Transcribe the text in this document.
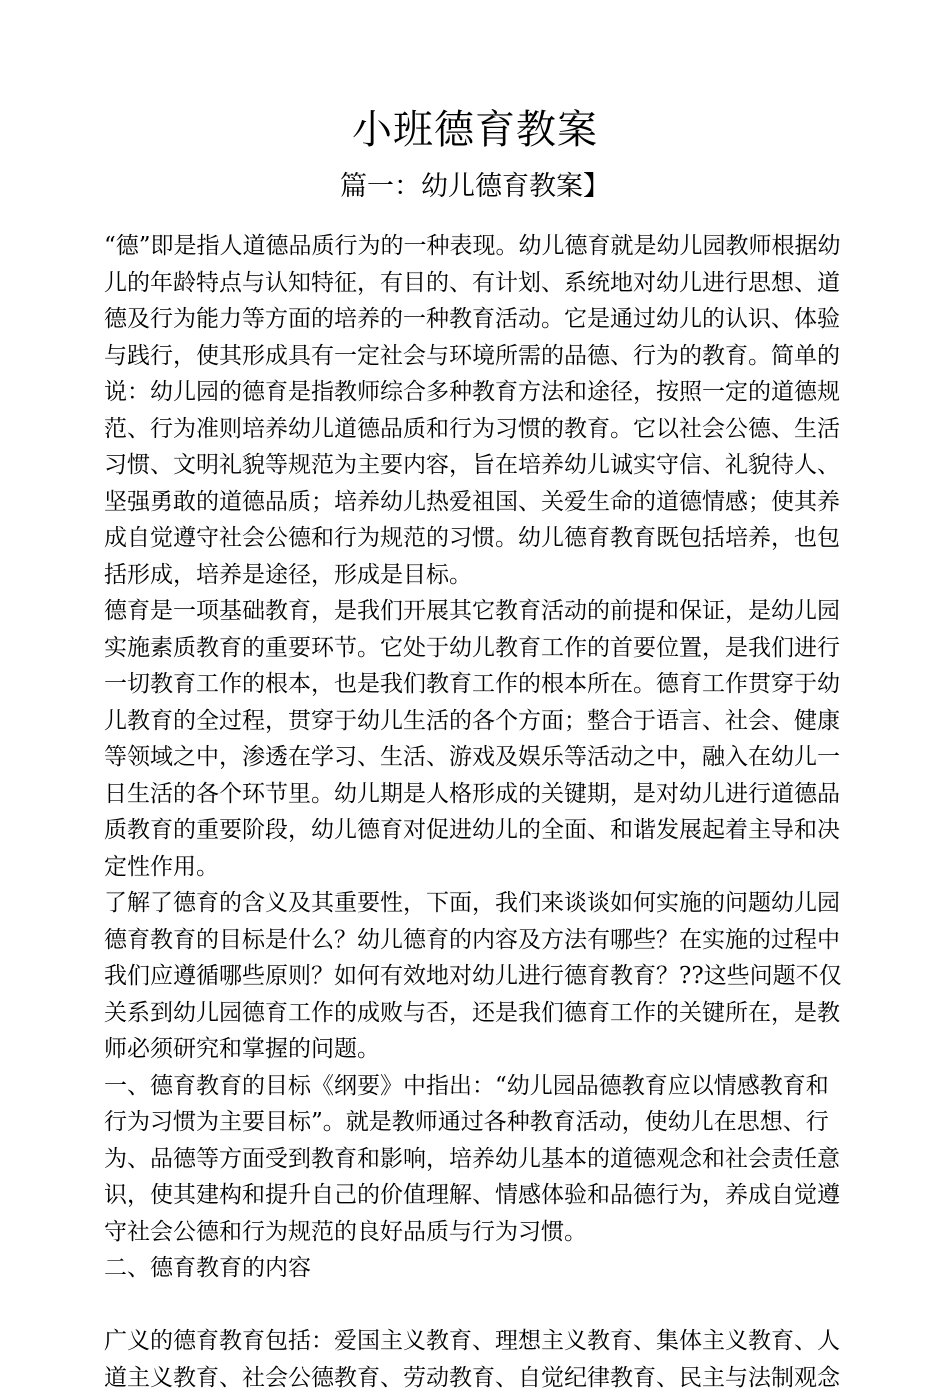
小班德育教案
篇一：幼儿德育教案】
“德”即是指人道德品质行为的一种表现。幼儿德育就是幼儿园教师根据幼
儿的年龄特点与认知特征，有目的、有计划、系统地对幼儿进行思想、道
德及行为能力等方面的培养的一种教育活动。它是通过幼儿的认识、体验
与践行，使其形成具有一定社会与环境所需的品德、行为的教育。简单的
说：幼儿园的德育是指教师综合多种教育方法和途径，按照一定的道德规
范、行为准则培养幼儿道德品质和行为习惯的教育。它以社会公德、生活
习惯、文明礼貌等规范为主要内容，旨在培养幼儿诚实守信、礼貌待人、
坚强勇敢的道德品质；培养幼儿热爱祖国、关爱生命的道德情感；使其养
成自觉遵守社会公德和行为规范的习惯。幼儿德育教育既包括培养，也包
括形成，培养是途径，形成是目标。
德育是一项基础教育，是我们开展其它教育活动的前提和保证，是幼儿园
实施素质教育的重要环节。它处于幼儿教育工作的首要位置，是我们进行
一切教育工作的根本，也是我们教育工作的根本所在。德育工作贯穿于幼
儿教育的全过程，贯穿于幼儿生活的各个方面；整合于语言、社会、健康
等领域之中，渗透在学习、生活、游戏及娱乐等活动之中，融入在幼儿一
日生活的各个环节里。幼儿期是人格形成的关键期，是对幼儿进行道德品
质教育的重要阶段，幼儿德育对促进幼儿的全面、和谐发展起着主导和决
定性作用。
了解了德育的含义及其重要性，下面，我们来谈谈如何实施的问题幼儿园
德育教育的目标是什么？幼儿德育的内容及方法有哪些？在实施的过程中
我们应遵循哪些原则？如何有效地对幼儿进行德育教育？??这些问题不仅
关系到幼儿园德育工作的成败与否，还是我们德育工作的关键所在，是教
师必须研究和掌握的问题。
一、德育教育的目标《纲要》中指出：“幼儿园品德教育应以情感教育和
行为习惯为主要目标”。就是教师通过各种教育活动，使幼儿在思想、行
为、品德等方面受到教育和影响，培养幼儿基本的道德观念和社会责任意
识，使其建构和提升自己的价值理解、情感体验和品德行为，养成自觉遵
守社会公德和行为规范的良好品质与行为习惯。
二、德育教育的内容
广义的德育教育包括：爱国主义教育、理想主义教育、集体主义教育、人
道主义教育、社会公德教育、劳动教育、自觉纪律教育、民主与法制观念
